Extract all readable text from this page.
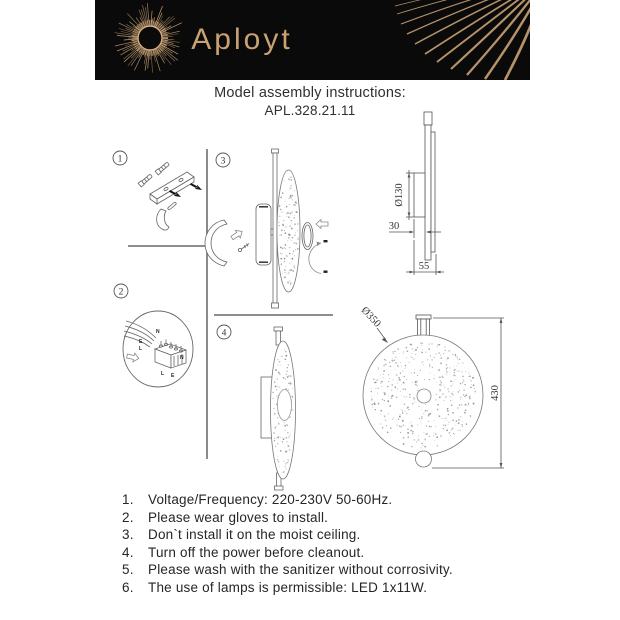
Aployt
Model assembly instructions:
APL.328.21.11
1
2
3
4
N
E
L
N
L E
Ø130
30
55
Ø350
430
1.	Voltage/Frequency: 220-230V 50-60Hz.
2.	Please wear gloves to install.
3.	Don`t install it on the moist ceiling.
4.	Turn off the power before cleanout.
5.	Please wash with the sanitizer without corrosivity.
6.	The use of lamps is permissible: LED 1x11W.
